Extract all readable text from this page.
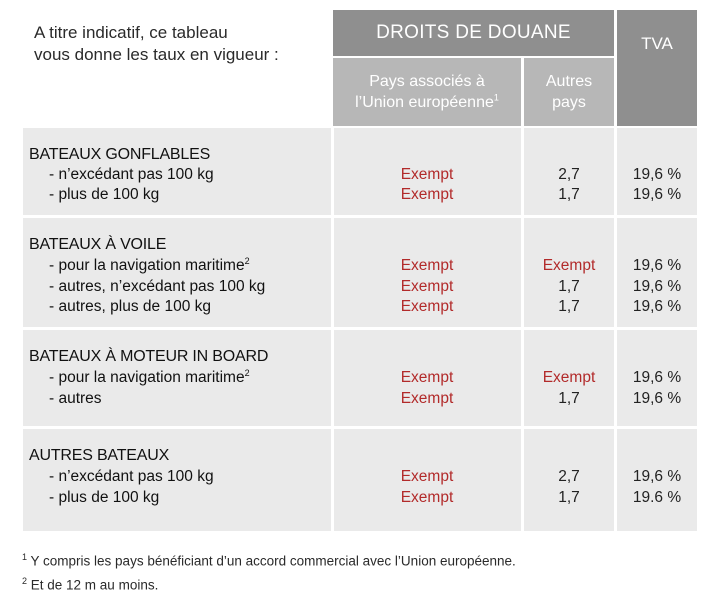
A titre indicatif, ce tableau
vous donne les taux en vigueur :
DROITS DE DOUANE
TVA
Pays associés à
l’Union européenne$^1$
Autres
pays
BATEAUX GONFLABLES
- n’excédant pas 100 kg	Exempt	2,7	19,6 %
- plus de 100 kg	Exempt	1,7	19,6 %
BATEAUX À VOILE
- pour la navigation maritime$^2$	Exempt	Exempt	19,6 %
- autres, n’excédant pas 100 kg	Exempt	1,7	19,6 %
- autres, plus de 100 kg	Exempt	1,7	19,6 %
BATEAUX À MOTEUR IN BOARD
- pour la navigation maritime$^2$	Exempt	Exempt	19,6 %
- autres	Exempt	1,7	19,6 %
AUTRES BATEAUX
- n’excédant pas 100 kg	Exempt	2,7	19,6 %
- plus de 100 kg	Exempt	1,7	19.6 %
$^1$ Y compris les pays bénéficiant d’un accord commercial avec l’Union européenne.
$^2$ Et de 12 m au moins.
